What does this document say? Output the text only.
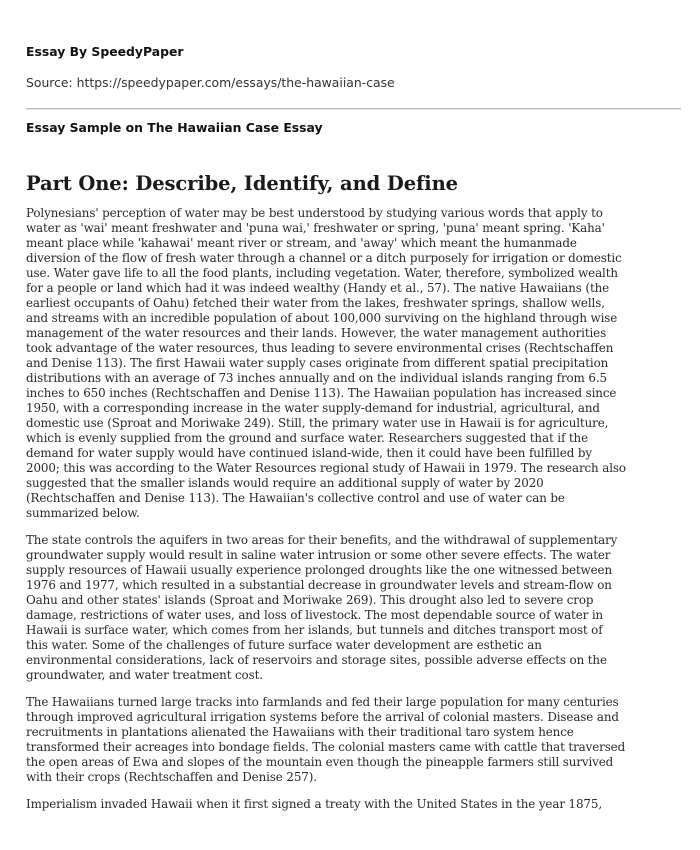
Essay By SpeedyPaper
Source: https://speedypaper.com/essays/the-hawaiian-case
Essay Sample on The Hawaiian Case Essay
Part One: Describe, Identify, and Define
Polynesians' perception of water may be best understood by studying various words that apply to
water as 'wai' meant freshwater and 'puna wai,' freshwater or spring, 'puna' meant spring. 'Kaha'
meant place while 'kahawai' meant river or stream, and 'away' which meant the humanmade
diversion of the flow of fresh water through a channel or a ditch purposely for irrigation or domestic
use. Water gave life to all the food plants, including vegetation. Water, therefore, symbolized wealth
for a people or land which had it was indeed wealthy (Handy et al., 57). The native Hawaiians (the
earliest occupants of Oahu) fetched their water from the lakes, freshwater springs, shallow wells,
and streams with an incredible population of about 100,000 surviving on the highland through wise
management of the water resources and their lands. However, the water management authorities
took advantage of the water resources, thus leading to severe environmental crises (Rechtschaffen
and Denise 113). The first Hawaii water supply cases originate from different spatial precipitation
distributions with an average of 73 inches annually and on the individual islands ranging from 6.5
inches to 650 inches (Rechtschaffen and Denise 113). The Hawaiian population has increased since
1950, with a corresponding increase in the water supply-demand for industrial, agricultural, and
domestic use (Sproat and Moriwake 249). Still, the primary water use in Hawaii is for agriculture,
which is evenly supplied from the ground and surface water. Researchers suggested that if the
demand for water supply would have continued island-wide, then it could have been fulfilled by
2000; this was according to the Water Resources regional study of Hawaii in 1979. The research also
suggested that the smaller islands would require an additional supply of water by 2020
(Rechtschaffen and Denise 113). The Hawaiian's collective control and use of water can be
summarized below.
The state controls the aquifers in two areas for their benefits, and the withdrawal of supplementary
groundwater supply would result in saline water intrusion or some other severe effects. The water
supply resources of Hawaii usually experience prolonged droughts like the one witnessed between
1976 and 1977, which resulted in a substantial decrease in groundwater levels and stream-flow on
Oahu and other states' islands (Sproat and Moriwake 269). This drought also led to severe crop
damage, restrictions of water uses, and loss of livestock. The most dependable source of water in
Hawaii is surface water, which comes from her islands, but tunnels and ditches transport most of
this water. Some of the challenges of future surface water development are esthetic an
environmental considerations, lack of reservoirs and storage sites, possible adverse effects on the
groundwater, and water treatment cost.
The Hawaiians turned large tracks into farmlands and fed their large population for many centuries
through improved agricultural irrigation systems before the arrival of colonial masters. Disease and
recruitments in plantations alienated the Hawaiians with their traditional taro system hence
transformed their acreages into bondage fields. The colonial masters came with cattle that traversed
the open areas of Ewa and slopes of the mountain even though the pineapple farmers still survived
with their crops (Rechtschaffen and Denise 257).
Imperialism invaded Hawaii when it first signed a treaty with the United States in the year 1875,
